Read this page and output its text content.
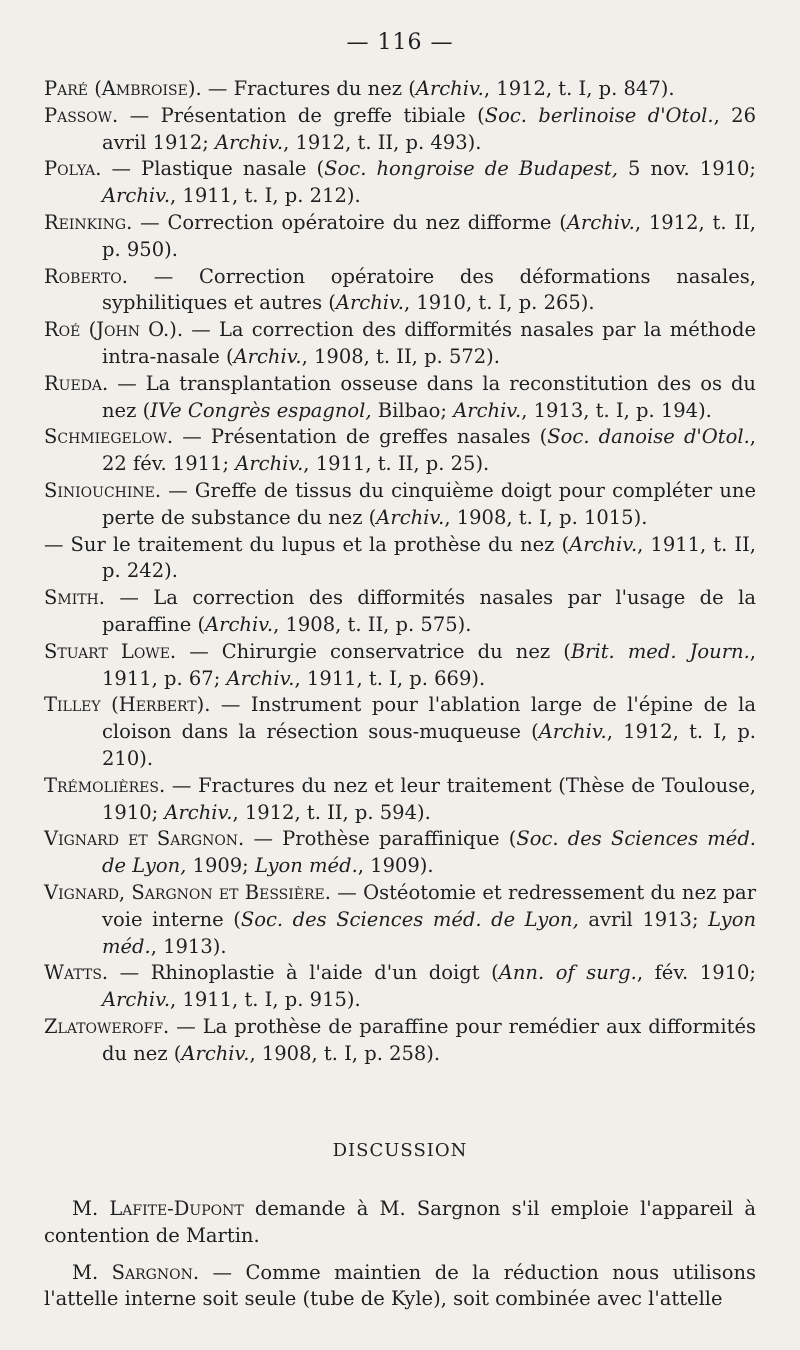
— 116 —

Paré (Ambroise). — Fractures du nez (Archiv., 1912, t. I, p. 847).

Passow. — Présentation de greffe tibiale (Soc. berlinoise d'Otol., 26 avril 1912; Archiv., 1912, t. II, p. 493).

Polya. — Plastique nasale (Soc. hongroise de Budapest, 5 nov. 1910; Archiv., 1911, t. I, p. 212).

Reinking. — Correction opératoire du nez difforme (Archiv., 1912, t. II, p. 950).

Roberto. — Correction opératoire des déformations nasales, syphilitiques et autres (Archiv., 1910, t. I, p. 265).

Roé (John O.). — La correction des difformités nasales par la méthode intra-nasale (Archiv., 1908, t. II, p. 572).

Rueda. — La transplantation osseuse dans la reconstitution des os du nez (IVe Congrès espagnol, Bilbao; Archiv., 1913, t. I, p. 194).

Schmiegelow. — Présentation de greffes nasales (Soc. danoise d'Otol., 22 fév. 1911; Archiv., 1911, t. II, p. 25).

Siniouchine. — Greffe de tissus du cinquième doigt pour compléter une perte de substance du nez (Archiv., 1908, t. I, p. 1015).

— Sur le traitement du lupus et la prothèse du nez (Archiv., 1911, t. II, p. 242).

Smith. — La correction des difformités nasales par l'usage de la paraffine (Archiv., 1908, t. II, p. 575).

Stuart Lowe. — Chirurgie conservatrice du nez (Brit. med. Journ., 1911, p. 67; Archiv., 1911, t. I, p. 669).

Tilley (Herbert). — Instrument pour l'ablation large de l'épine de la cloison dans la résection sous-muqueuse (Archiv., 1912, t. I, p. 210).

Trémolières. — Fractures du nez et leur traitement (Thèse de Toulouse, 1910; Archiv., 1912, t. II, p. 594).

Vignard et Sargnon. — Prothèse paraffinique (Soc. des Sciences méd. de Lyon, 1909; Lyon méd., 1909).

Vignard, Sargnon et Bessière. — Ostéotomie et redressement du nez par voie interne (Soc. des Sciences méd. de Lyon, avril 1913; Lyon méd., 1913).

Watts. — Rhinoplastie à l'aide d'un doigt (Ann. of surg., fév. 1910; Archiv., 1911, t. I, p. 915).

Zlatoweroff. — La prothèse de paraffine pour remédier aux difformités du nez (Archiv., 1908, t. I, p. 258).

DISCUSSION

M. Lafite-Dupont demande à M. Sargnon s'il emploie l'appareil à contention de Martin.

M. Sargnon. — Comme maintien de la réduction nous utilisons l'attelle interne soit seule (tube de Kyle), soit combinée avec l'attelle
